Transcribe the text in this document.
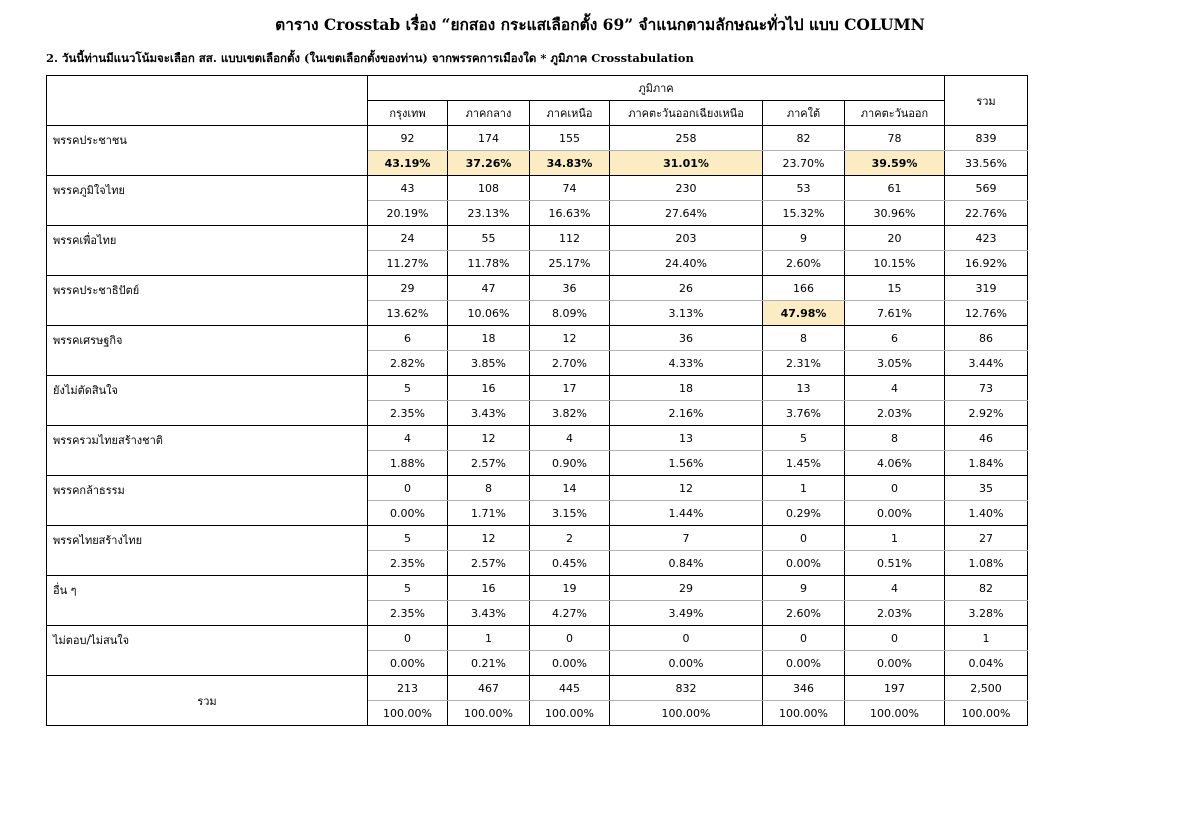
ตาราง Crosstab เรื่อง “ยกสอง กระแสเลือกตั้ง 69” จำแนกตามลักษณะทั่วไป แบบ COLUMN
2. วันนี้ท่านมีแนวโน้มจะเลือก สส. แบบเขตเลือกตั้ง (ในเขตเลือกตั้งของท่าน) จากพรรคการเมืองใด * ภูมิภาค Crosstabulation
	ภูมิภาค						รวม
	กรุงเทพ	ภาคกลาง	ภาคเหนือ	ภาคตะวันออกเฉียงเหนือ	ภาคใต้	ภาคตะวันออก	
พรรคประชาชน	92	174	155	258	82	78	839
	43.19%	37.26%	34.83%	31.01%	23.70%	39.59%	33.56%
พรรคภูมิใจไทย	43	108	74	230	53	61	569
	20.19%	23.13%	16.63%	27.64%	15.32%	30.96%	22.76%
พรรคเพื่อไทย	24	55	112	203	9	20	423
	11.27%	11.78%	25.17%	24.40%	2.60%	10.15%	16.92%
พรรคประชาธิปัตย์	29	47	36	26	166	15	319
	13.62%	10.06%	8.09%	3.13%	47.98%	7.61%	12.76%
พรรคเศรษฐกิจ	6	18	12	36	8	6	86
	2.82%	3.85%	2.70%	4.33%	2.31%	3.05%	3.44%
ยังไม่ตัดสินใจ	5	16	17	18	13	4	73
	2.35%	3.43%	3.82%	2.16%	3.76%	2.03%	2.92%
พรรครวมไทยสร้างชาติ	4	12	4	13	5	8	46
	1.88%	2.57%	0.90%	1.56%	1.45%	4.06%	1.84%
พรรคกล้าธรรม	0	8	14	12	1	0	35
	0.00%	1.71%	3.15%	1.44%	0.29%	0.00%	1.40%
พรรคไทยสร้างไทย	5	12	2	7	0	1	27
	2.35%	2.57%	0.45%	0.84%	0.00%	0.51%	1.08%
อื่น ๆ	5	16	19	29	9	4	82
	2.35%	3.43%	4.27%	3.49%	2.60%	2.03%	3.28%
ไม่ตอบ/ไม่สนใจ	0	1	0	0	0	0	1
	0.00%	0.21%	0.00%	0.00%	0.00%	0.00%	0.04%
รวม	213	467	445	832	346	197	2,500
	100.00%	100.00%	100.00%	100.00%	100.00%	100.00%	100.00%
